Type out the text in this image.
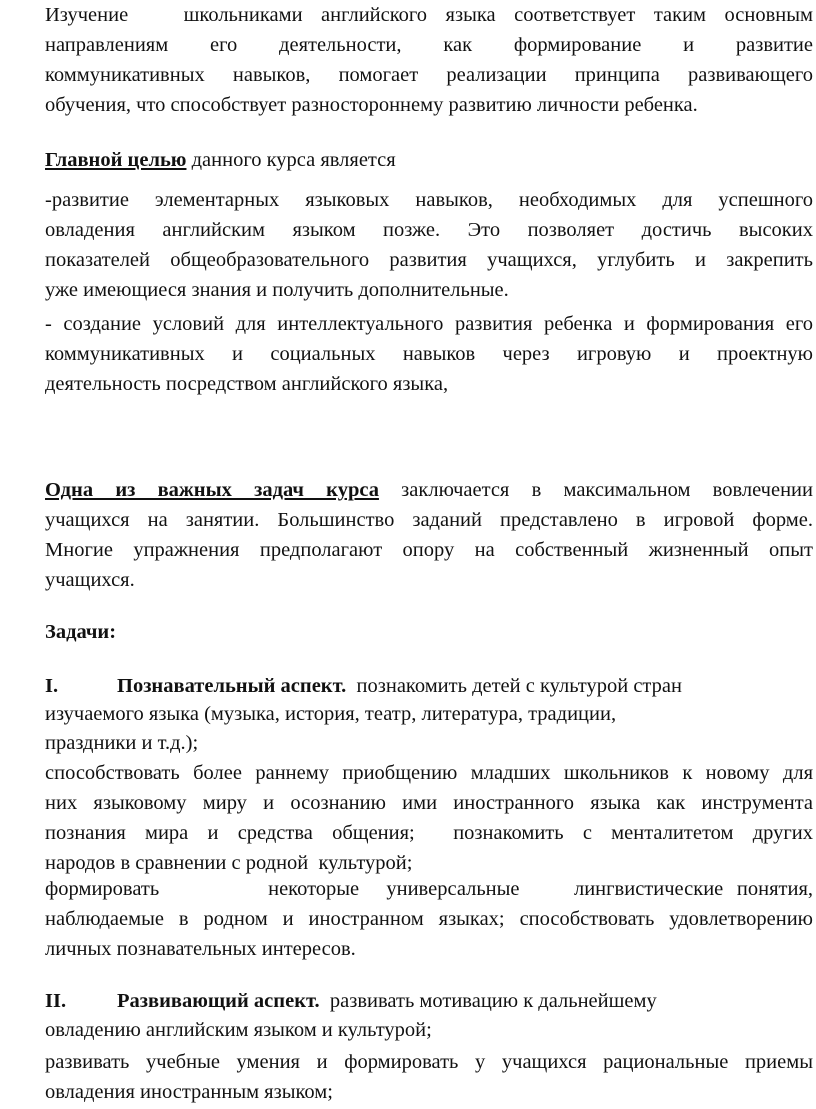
Изучение   школьниками английского языка соответствует таким основным
направлениям его деятельности, как формирование и развитие
коммуникативных навыков, помогает реализации принципа развивающего
обучения, что способствует разностороннему развитию личности ребенка.
Главной целью данного курса является
-развитие элементарных языковых навыков, необходимых для успешного
овладения английским языком позже. Это позволяет достичь высоких
показателей общеобразовательного развития учащихся, углубить и закрепить
уже имеющиеся знания и получить дополнительные.
- создание условий для интеллектуального развития ребенка и формирования его
коммуникативных и социальных навыков через игровую и проектную
деятельность посредством английского языка,
Одна из важных задач курса заключается в максимальном вовлечении
учащихся на занятии. Большинство заданий представлено в игровой форме.
Многие упражнения предполагают опору на собственный жизненный опыт
учащихся.
Задачи:
I.	Познавательный аспект.  познакомить детей с культурой стран
изучаемого языка (музыка, история, театр, литература, традиции,
праздники и т.д.);
способствовать более раннему приобщению младших школьников к новому для
них языковому миру и осознанию ими иностранного языка как инструмента
познания мира и средства общения;  познакомить с менталитетом других
народов в сравнении с родной  культурой;
формировать        некоторые  универсальные    лингвистические понятия,
наблюдаемые в родном и иностранном языках; способствовать удовлетворению
личных познавательных интересов.
II. Развивающий аспект.  развивать мотивацию к дальнейшему
овладению английским языком и культурой;
развивать учебные умения и формировать у учащихся рациональные приемы
овладения иностранным языком;
